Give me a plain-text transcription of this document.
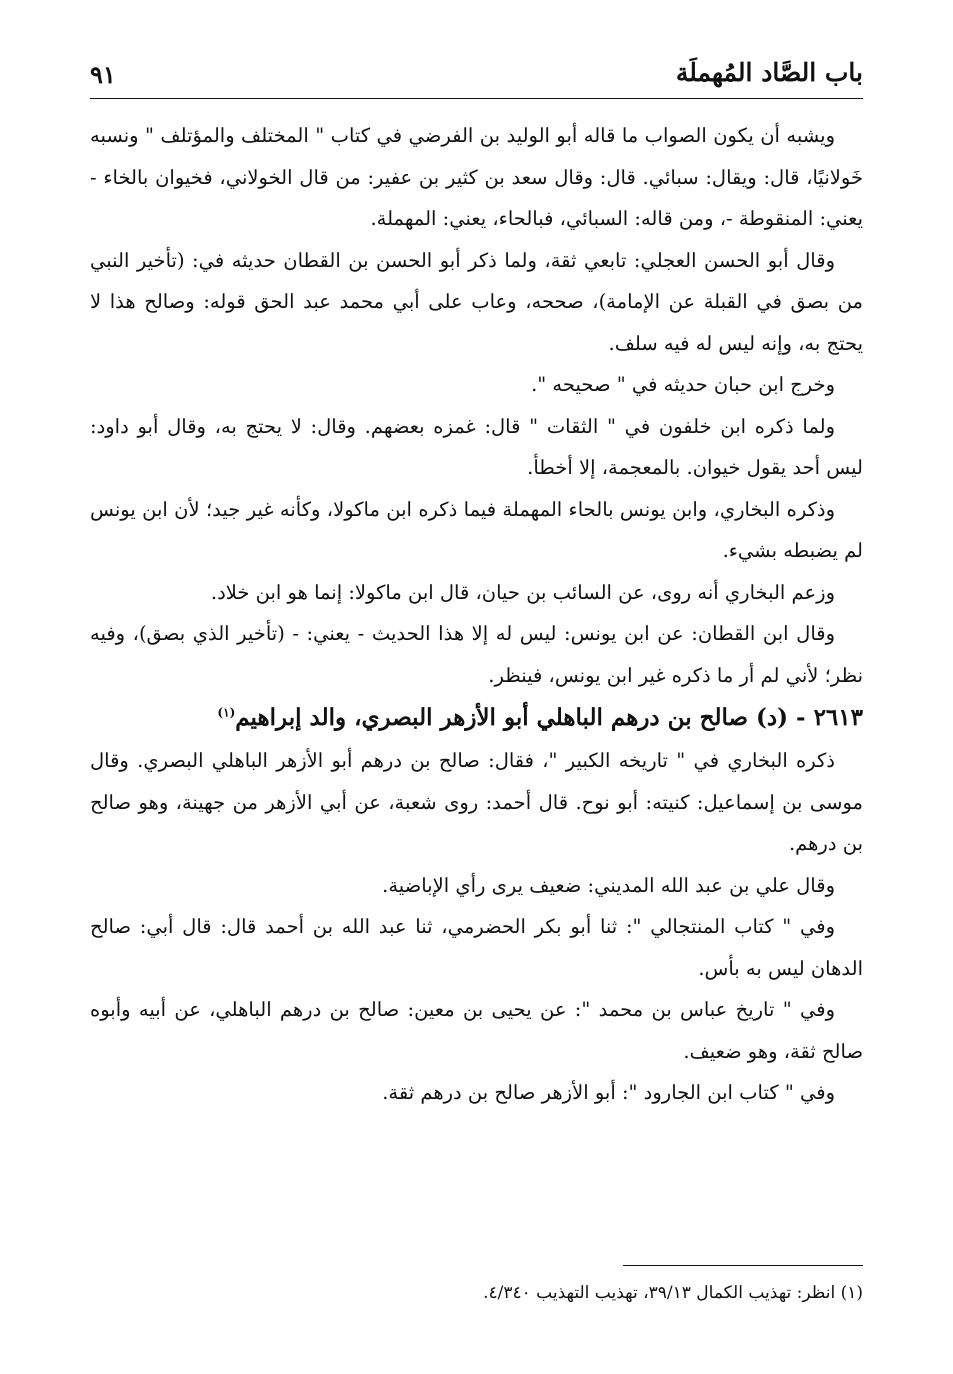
باب الصَّاد المُهملَة
٩١

ويشبه أن يكون الصواب ما قاله أبو الوليد بن الفرضي في كتاب " المختلف والمؤتلف " ونسبه خَولانيًا، قال: ويقال: سبائي. قال: وقال سعد بن كثير بن عفير: من قال الخولاني، فخيوان بالخاء - يعني: المنقوطة -، ومن قاله: السبائي، فبالحاء، يعني: المهملة.

وقال أبو الحسن العجلي: تابعي ثقة، ولما ذكر أبو الحسن بن القطان حديثه في: (تأخير النبي من بصق في القبلة عن الإمامة)، صححه، وعاب على أبي محمد عبد الحق قوله: وصالح هذا لا يحتج به، وإنه ليس له فيه سلف.

وخرج ابن حبان حديثه في " صحيحه ".

ولما ذكره ابن خلفون في " الثقات " قال: غمزه بعضهم. وقال: لا يحتج به، وقال أبو داود: ليس أحد يقول خيوان. بالمعجمة، إلا أخطأ.

وذكره البخاري، وابن يونس بالحاء المهملة فيما ذكره ابن ماكولا، وكأنه غير جيد؛ لأن ابن يونس لم يضبطه بشيء.

وزعم البخاري أنه روى، عن السائب بن حيان، قال ابن ماكولا: إنما هو ابن خلاد.

وقال ابن القطان: عن ابن يونس: ليس له إلا هذا الحديث - يعني: - (تأخير الذي بصق)، وفيه نظر؛ لأني لم أر ما ذكره غير ابن يونس، فينظر.

٢٦١٣ - (د) صالح بن درهم الباهلي أبو الأزهر البصري، والد إبراهيم$^{(١)}$

ذكره البخاري في " تاريخه الكبير "، فقال: صالح بن درهم أبو الأزهر الباهلي البصري. وقال موسى بن إسماعيل: كنيته: أبو نوح. قال أحمد: روى شعبة، عن أبي الأزهر من جهينة، وهو صالح بن درهم.

وقال علي بن عبد الله المديني: ضعيف يرى رأي الإباضية.

وفي " كتاب المنتجالي ": ثنا أبو بكر الحضرمي، ثنا عبد الله بن أحمد قال: قال أبي: صالح الدهان ليس به بأس.

وفي " تاريخ عباس بن محمد ": عن يحيى بن معين: صالح بن درهم الباهلي، عن أبيه وأبوه صالح ثقة، وهو ضعيف.

وفي " كتاب ابن الجارود ": أبو الأزهر صالح بن درهم ثقة.

(١) انظر: تهذيب الكمال ٣٩/١٣، تهذيب التهذيب ٤/٣٤٠.
